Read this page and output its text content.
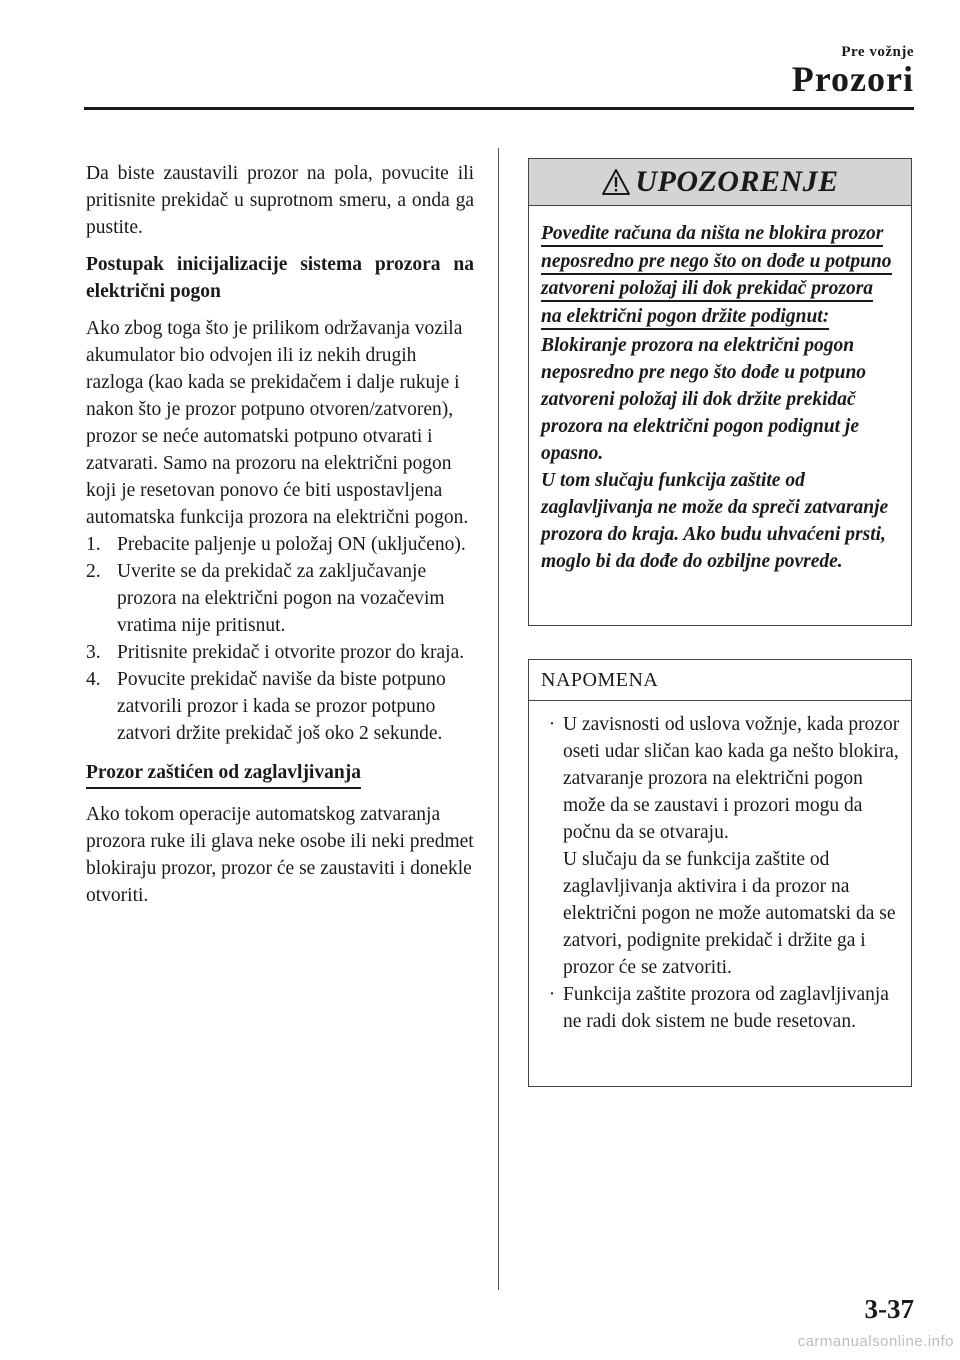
Pre vožnje
Prozori

Da biste zaustavili prozor na pola, povucite ili pritisnite prekidač u suprotnom smeru, a onda ga pustite.

Postupak inicijalizacije sistema prozora na električni pogon

Ako zbog toga što je prilikom održavanja vozila akumulator bio odvojen ili iz nekih drugih razloga (kao kada se prekidačem i dalje rukuje i nakon što je prozor potpuno otvoren/zatvoren), prozor se neće automatski potpuno otvarati i zatvarati. Samo na prozoru na električni pogon koji je resetovan ponovo će biti uspostavljena automatska funkcija prozora na električni pogon.

1. Prebacite paljenje u položaj ON (uključeno).
2. Uverite se da prekidač za zaključavanje prozora na električni pogon na vozačevim vratima nije pritisnut.
3. Pritisnite prekidač i otvorite prozor do kraja.
4. Povucite prekidač naviše da biste potpuno zatvorili prozor i kada se prozor potpuno zatvori držite prekidač još oko 2 sekunde.
Prozor zaštićen od zaglavljivanja

Ako tokom operacije automatskog zatvaranja prozora ruke ili glava neke osobe ili neki predmet blokiraju prozor, prozor će se zaustaviti i donekle otvoriti.

UPOZORENJE

Povedite računa da ništa ne blokira prozor neposredno pre nego što on dođe u potpuno zatvoreni položaj ili dok prekidač prozora na električni pogon držite podignut:

Blokiranje prozora na električni pogon neposredno pre nego što dođe u potpuno zatvoreni položaj ili dok držite prekidač prozora na električni pogon podignut je opasno.

U tom slučaju funkcija zaštite od zaglavljivanja ne može da spreči zatvaranje prozora do kraja. Ako budu uhvaćeni prsti, moglo bi da dođe do ozbiljne povrede.

NAPOMENA
· U zavisnosti od uslova vožnje, kada prozor oseti udar sličan kao kada ga nešto blokira, zatvaranje prozora na električni pogon može da se zaustavi i prozori mogu da počnu da se otvaraju.

U slučaju da se funkcija zaštite od zaglavljivanja aktivira i da prozor na električni pogon ne može automatski da se zatvori, podignite prekidač i držite ga i prozor će se zatvoriti.

· Funkcija zaštite prozora od zaglavljivanja ne radi dok sistem ne bude resetovan.

3-37
carmanualsonline.info
